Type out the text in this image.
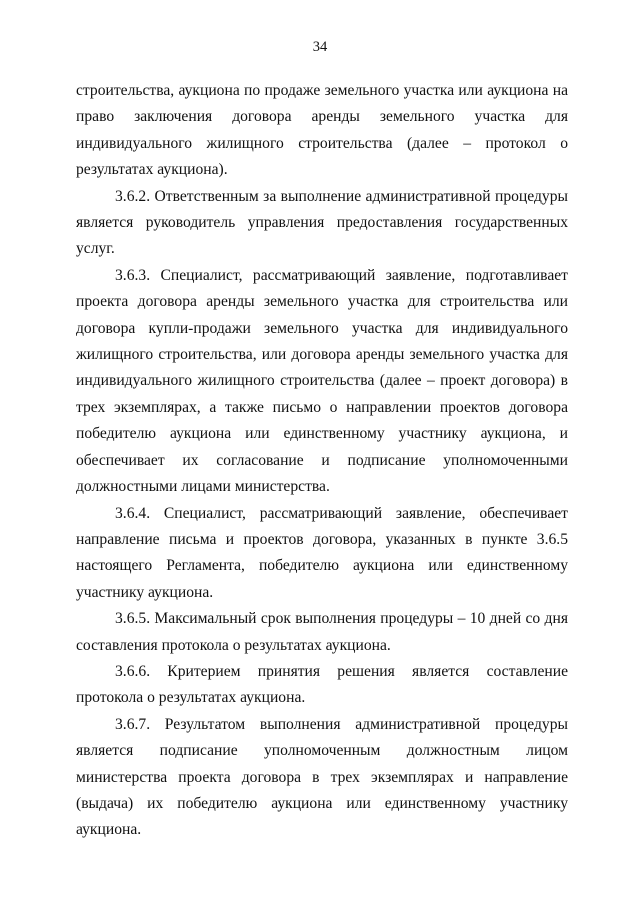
34

строительства, аукциона по продаже земельного участка или аукциона на право заключения договора аренды земельного участка для индивидуального жилищного строительства (далее – протокол о результатах аукциона).

3.6.2. Ответственным за выполнение административной процедуры является руководитель управления предоставления государственных услуг.

3.6.3. Специалист, рассматривающий заявление, подготавливает проекта договора аренды земельного участка для строительства или договора купли-продажи земельного участка для индивидуального жилищного строительства, или договора аренды земельного участка для индивидуального жилищного строительства (далее – проект договора) в трех экземплярах, а также письмо о направлении проектов договора победителю аукциона или единственному участнику аукциона, и обеспечивает их согласование и подписание уполномоченными должностными лицами министерства.

3.6.4. Специалист, рассматривающий заявление, обеспечивает направление письма и проектов договора, указанных в пункте 3.6.5 настоящего Регламента, победителю аукциона или единственному участнику аукциона.

3.6.5. Максимальный срок выполнения процедуры – 10 дней со дня составления протокола о результатах аукциона.

3.6.6. Критерием принятия решения является составление протокола о результатах аукциона.

3.6.7. Результатом выполнения административной процедуры является подписание уполномоченным должностным лицом министерства проекта договора в трех экземплярах и направление (выдача) их победителю аукциона или единственному участнику аукциона.
